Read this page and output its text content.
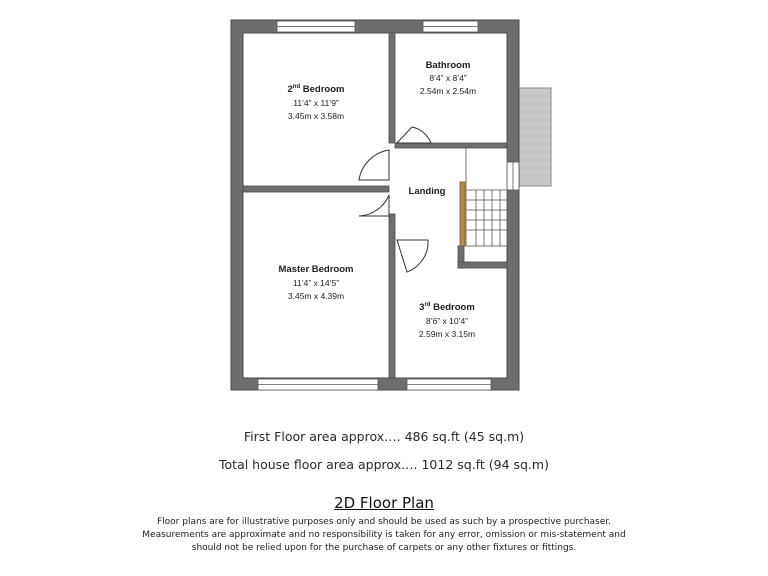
2nd Bedroom
11’4” x 11’9”
3.45m x 3.58m
Bathroom
8’4” x 8’4”
2.54m x 2.54m
Landing
Master Bedroom
11’4” x 14’5”
3.45m x 4.39m
3rd Bedroom
8’6” x 10’4”
2.59m x 3.15m
First Floor area approx…. 486 sq.ft (45 sq.m)
Total house floor area approx…. 1012 sq.ft (94 sq.m)
2D Floor Plan
Floor plans are for illustrative purposes only and should be used as such by a prospective purchaser.
Measurements are approximate and no responsibility is taken for any error, omission or mis-statement and
should not be relied upon for the purchase of carpets or any other fixtures or fittings.
